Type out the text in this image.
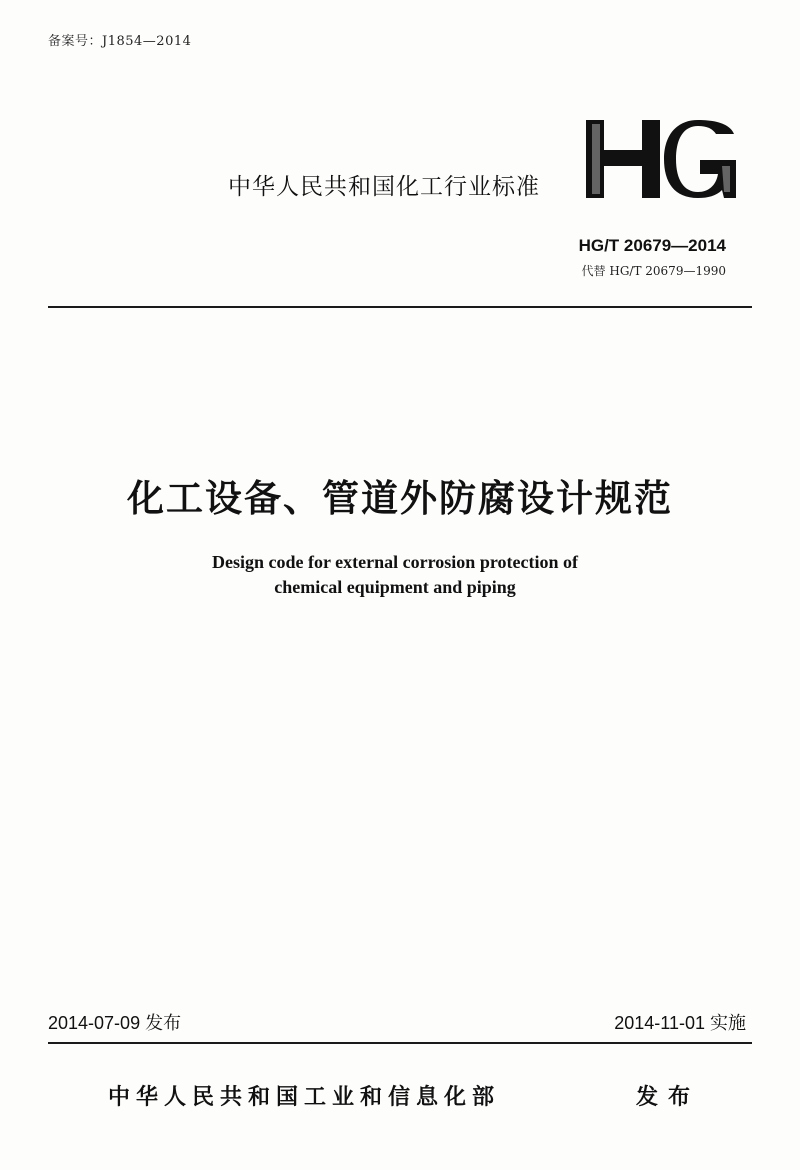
备案号：J1854—2014
中华人民共和国化工行业标准
HG/T 20679—2014
代替 HG/T 20679—1990
化工设备、管道外防腐设计规范
Design code for external corrosion protection of
chemical equipment and piping
2014-07-09 发布	2014-11-01 实施
中华人民共和国工业和信息化部	发布
